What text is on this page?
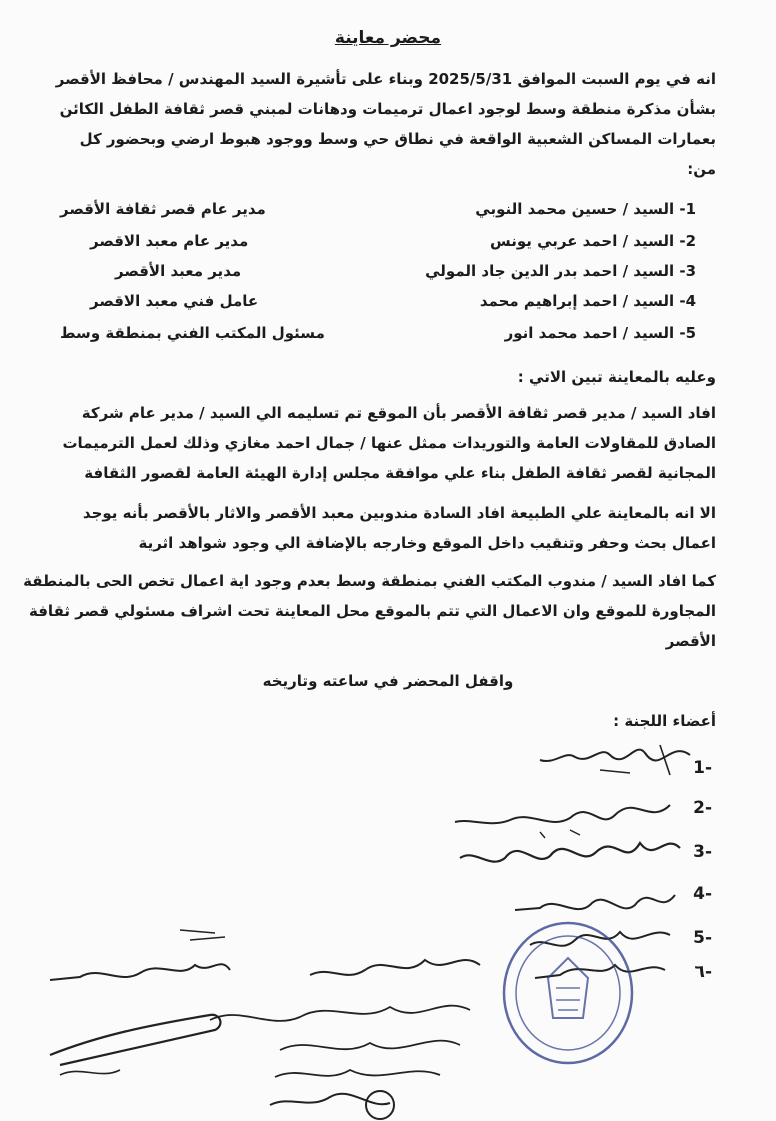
محضر معاينة
انه في يوم السبت الموافق 2025/5/31 وبناء على تأشيرة السيد المهندس / محافظ الأقصر
بشأن مذكرة منطقة وسط لوجود اعمال ترميمات ودهانات لمبني قصر ثقافة الطفل الكائن
بعمارات المساكن الشعبية الواقعة في نطاق حي وسط ووجود هبوط ارضي وبحضور كل
من:
1- السيد / حسين محمد النوبي
مدير عام قصر ثقافة الأقصر
2- السيد / احمد عربي يونس
مدير عام معبد الاقصر
3- السيد / احمد بدر الدين جاد المولي
مدير معبد الأقصر
4- السيد / احمد إبراهيم محمد
عامل فني معبد الاقصر
5- السيد / احمد محمد انور
مسئول المكتب الفني بمنطقة وسط
وعليه بالمعاينة تبين الاتي :
افاد السيد / مدير قصر ثقافة الأقصر بأن الموقع تم تسليمه الي السيد / مدير عام شركة
الصادق للمقاولات العامة والتوريدات ممثل عنها / جمال احمد مغازي وذلك لعمل الترميمات
المجانية لقصر ثقافة الطفل بناء علي موافقة مجلس إدارة الهيئة العامة لقصور الثقافة
الا انه بالمعاينة علي الطبيعة افاد السادة مندوبين معبد الأقصر والاثار بالأقصر بأنه يوجد
اعمال بحث وحفر وتنقيب داخل الموقع وخارجه بالإضافة الي وجود شواهد اثرية
كما افاد السيد / مندوب المكتب الفني بمنطقة وسط بعدم وجود اية اعمال تخص الحى بالمنطقة
المجاورة للموقع وان الاعمال التي تتم بالموقع محل المعاينة تحت اشراف مسئولي قصر ثقافة
الأقصر
واقفل المحضر في ساعته وتاريخه
أعضاء اللجنة :
-1
-2
-3
-4
-5
-٦
